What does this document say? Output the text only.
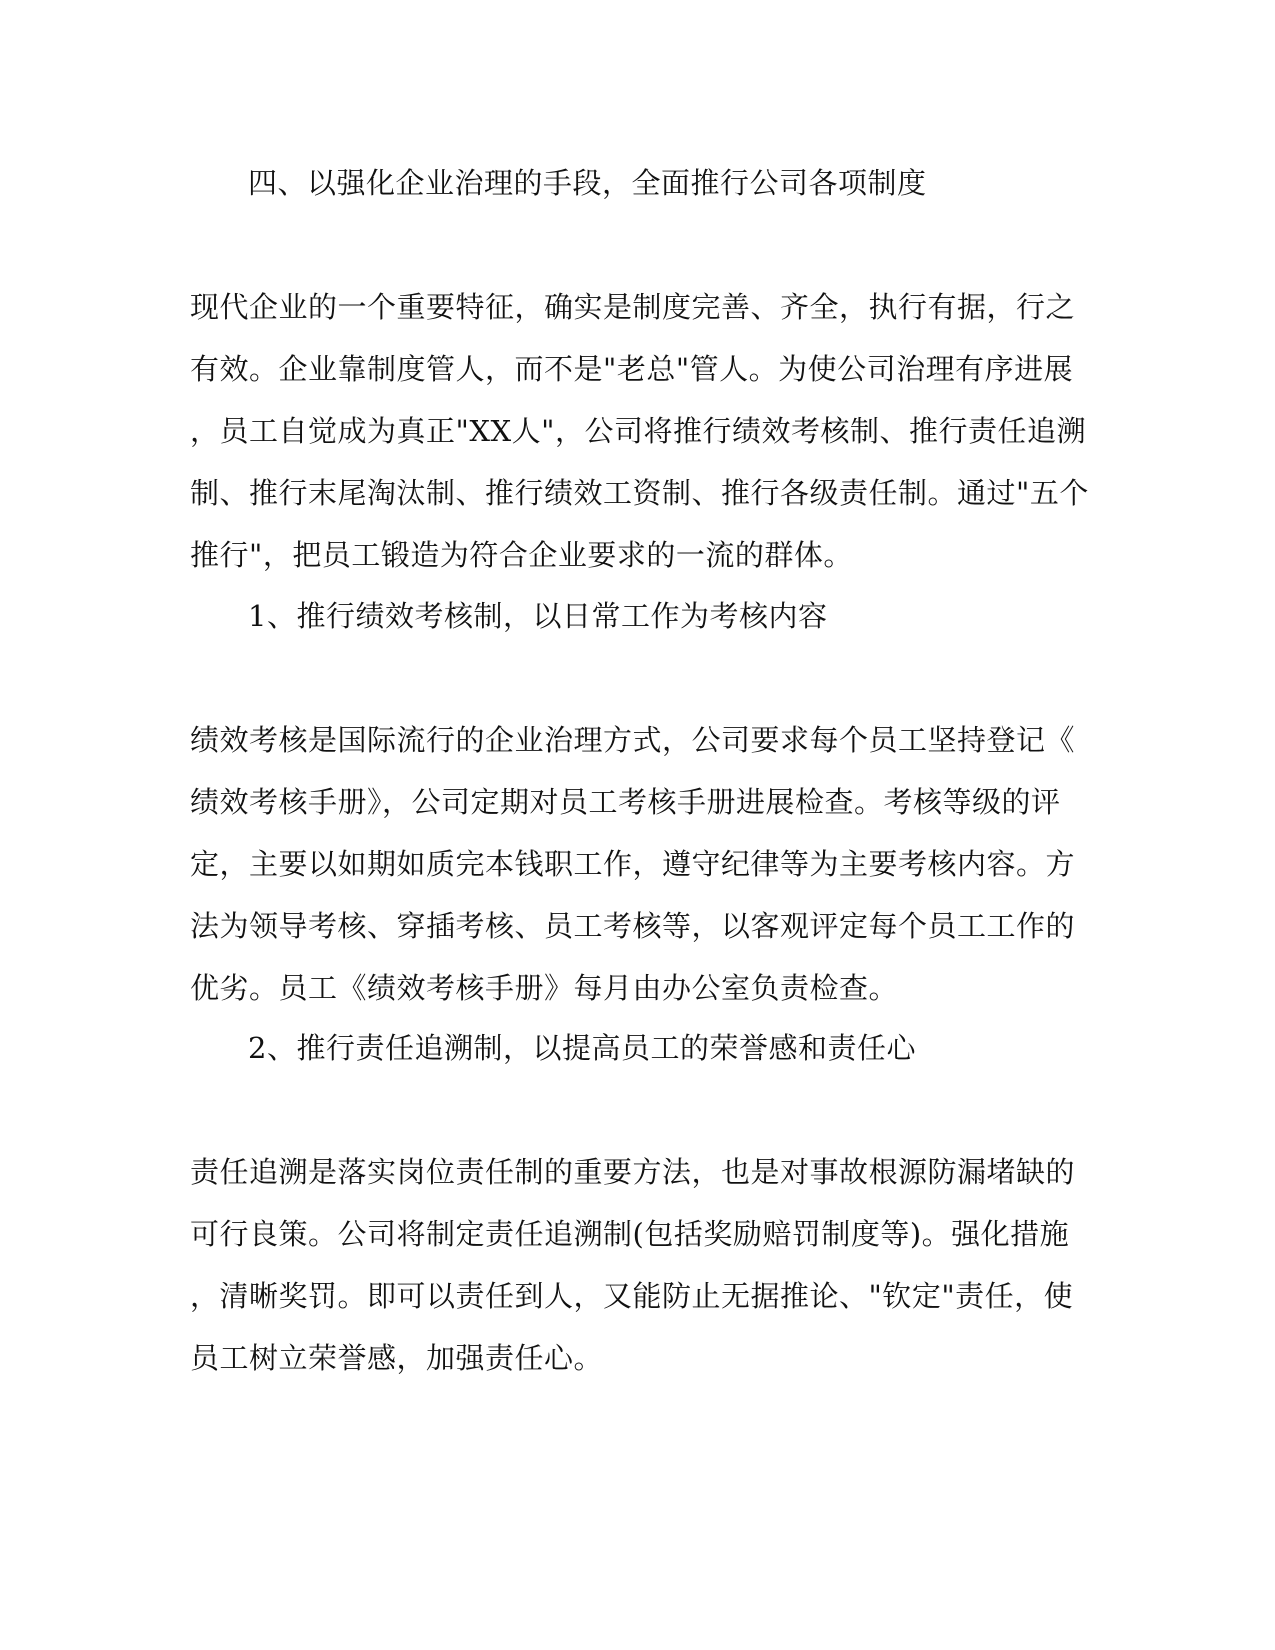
四、以强化企业治理的手段，全面推行公司各项制度
现代企业的一个重要特征，确实是制度完善、齐全，执行有据，行之
有效。企业靠制度管人，而不是"老总"管人。为使公司治理有序进展
，员工自觉成为真正"XX人"，公司将推行绩效考核制、推行责任追溯
制、推行末尾淘汰制、推行绩效工资制、推行各级责任制。通过"五个
推行"，把员工锻造为符合企业要求的一流的群体。
1、推行绩效考核制，以日常工作为考核内容
绩效考核是国际流行的企业治理方式，公司要求每个员工坚持登记《
绩效考核手册》，公司定期对员工考核手册进展检查。考核等级的评
定，主要以如期如质完本钱职工作，遵守纪律等为主要考核内容。方
法为领导考核、穿插考核、员工考核等，以客观评定每个员工工作的
优劣。员工《绩效考核手册》每月由办公室负责检查。
2、推行责任追溯制，以提高员工的荣誉感和责任心
责任追溯是落实岗位责任制的重要方法，也是对事故根源防漏堵缺的
可行良策。公司将制定责任追溯制(包括奖励赔罚制度等)。强化措施
，清晰奖罚。即可以责任到人，又能防止无据推论、"钦定"责任，使
员工树立荣誉感，加强责任心。
